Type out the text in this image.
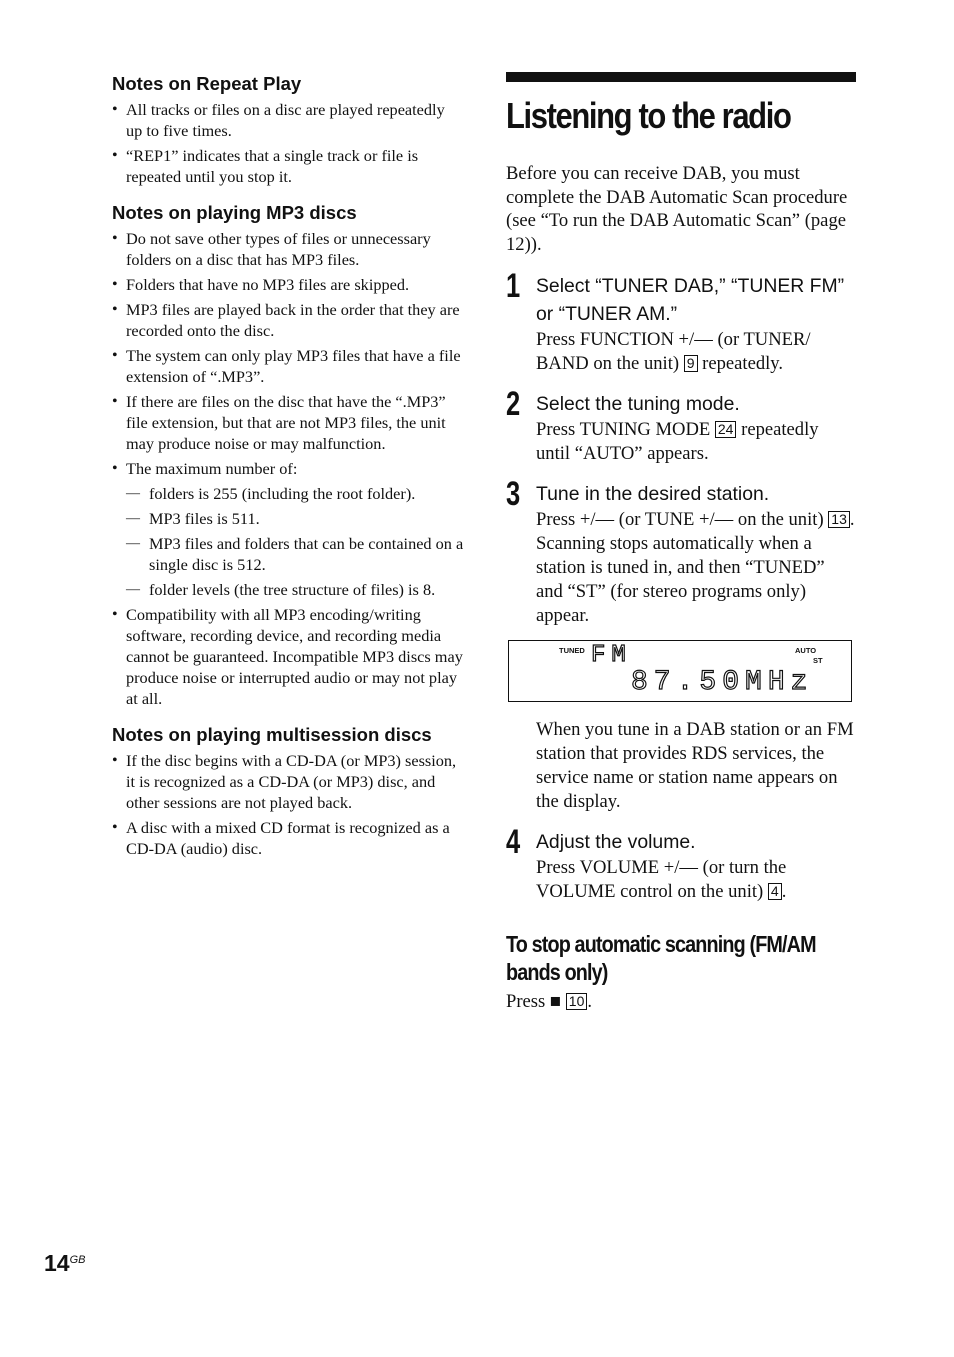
Notes on Repeat Play
• All tracks or files on a disc are played repeatedly up to five times.
• “REP1” indicates that a single track or file is repeated until you stop it.
Notes on playing MP3 discs
• Do not save other types of files or unnecessary folders on a disc that has MP3 files.
• Folders that have no MP3 files are skipped.
• MP3 files are played back in the order that they are recorded onto the disc.
• The system can only play MP3 files that have a file extension of “.MP3”.
• If there are files on the disc that have the “.MP3” file extension, but that are not MP3 files, the unit may produce noise or may malfunction.
• The maximum number of:
— folders is 255 (including the root folder).
— MP3 files is 511.
— MP3 files and folders that can be contained on a single disc is 512.
— folder levels (the tree structure of files) is 8.
• Compatibility with all MP3 encoding/writing software, recording device, and recording media cannot be guaranteed. Incompatible MP3 discs may produce noise or interrupted audio or may not play at all.
Notes on playing multisession discs
• If the disc begins with a CD-DA (or MP3) session, it is recognized as a CD-DA (or MP3) disc, and other sessions are not played back.
• A disc with a mixed CD format is recognized as a CD-DA (audio) disc.
Listening to the radio

Before you can receive DAB, you must complete the DAB Automatic Scan procedure (see “To run the DAB Automatic Scan” (page 12)).

1 Select “TUNER DAB,” “TUNER FM” or “TUNER AM.”

Press FUNCTION +/— (or TUNER/ BAND on the unit) 9 repeatedly.

2 Select the tuning mode.

Press TUNING MODE 24 repeatedly until “AUTO” appears.

3 Tune in the desired station.

Press +/— (or TUNE +/— on the unit) 13 . Scanning stops automatically when a station is tuned in, and then “TUNED” and “ST” (for stereo programs only) appear.

TUNED	AUTO
ST
FM
87.50MHz

When you tune in a DAB station or an FM station that provides RDS services, the service name or station name appears on the display.

4 Adjust the volume.

Press VOLUME +/— (or turn the VOLUME control on the unit) 4 .

To stop automatic scanning (FM/AM bands only)

Press ■ 10 .

$14^{GB}$
